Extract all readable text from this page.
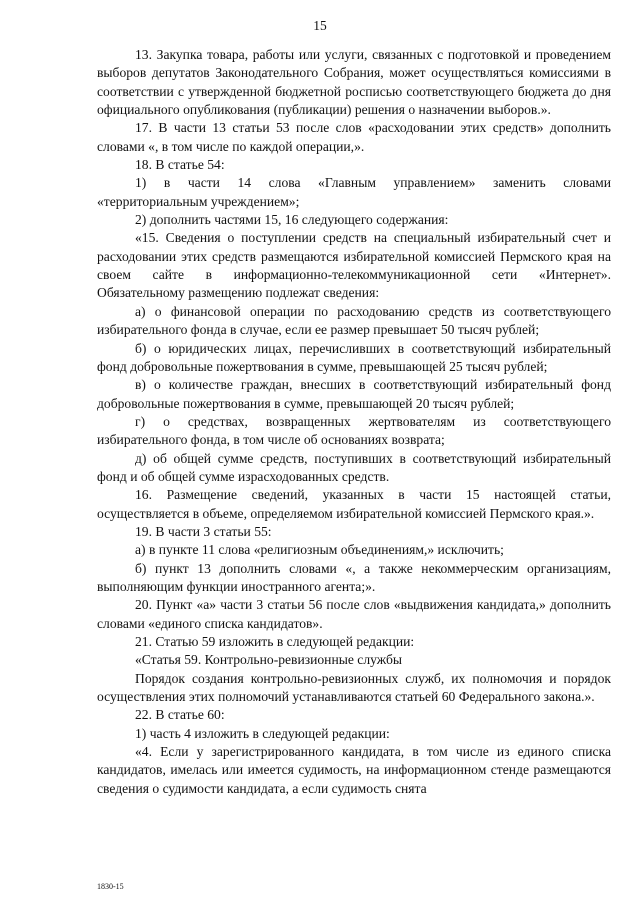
15

13. Закупка товара, работы или услуги, связанных с подготовкой и проведением выборов депутатов Законодательного Собрания, может осуществляться комиссиями в соответствии с утвержденной бюджетной росписью соответствующего бюджета до дня официального опубликования (публикации) решения о назначении выборов.».

17. В части 13 статьи 53 после слов «расходовании этих средств» дополнить словами «, в том числе по каждой операции,».

18. В статье 54:

1) в части 14 слова «Главным управлением» заменить словами «территориальным учреждением»;

2) дополнить частями 15, 16 следующего содержания:

«15. Сведения о поступлении средств на специальный избирательный счет и расходовании этих средств размещаются избирательной комиссией Пермского края на своем сайте в информационно-телекоммуникационной сети «Интернет». Обязательному размещению подлежат сведения:

а) о финансовой операции по расходованию средств из соответствующего избирательного фонда в случае, если ее размер превышает 50 тысяч рублей;

б) о юридических лицах, перечисливших в соответствующий избирательный фонд добровольные пожертвования в сумме, превышающей 25 тысяч рублей;

в) о количестве граждан, внесших в соответствующий избирательный фонд добровольные пожертвования в сумме, превышающей 20 тысяч рублей;

г) о средствах, возвращенных жертвователям из соответствующего избирательного фонда, в том числе об основаниях возврата;

д) об общей сумме средств, поступивших в соответствующий избирательный фонд и об общей сумме израсходованных средств.

16. Размещение сведений, указанных в части 15 настоящей статьи, осуществляется в объеме, определяемом избирательной комиссией Пермского края.».

19. В части 3 статьи 55:

а) в пункте 11 слова «религиозным объединениям,» исключить;

б) пункт 13 дополнить словами «, а также некоммерческим организациям, выполняющим функции иностранного агента;».

20. Пункт «а» части 3 статьи 56 после слов «выдвижения кандидата,» дополнить словами «единого списка кандидатов».

21. Статью 59 изложить в следующей редакции:

«Статья 59. Контрольно-ревизионные службы

Порядок создания контрольно-ревизионных служб, их полномочия и порядок осуществления этих полномочий устанавливаются статьей 60 Федерального закона.».

22. В статье 60:

1) часть 4 изложить в следующей редакции:

«4. Если у зарегистрированного кандидата, в том числе из единого списка кандидатов, имелась или имеется судимость, на информационном стенде размещаются сведения о судимости кандидата, а если судимость снята

1830-15
